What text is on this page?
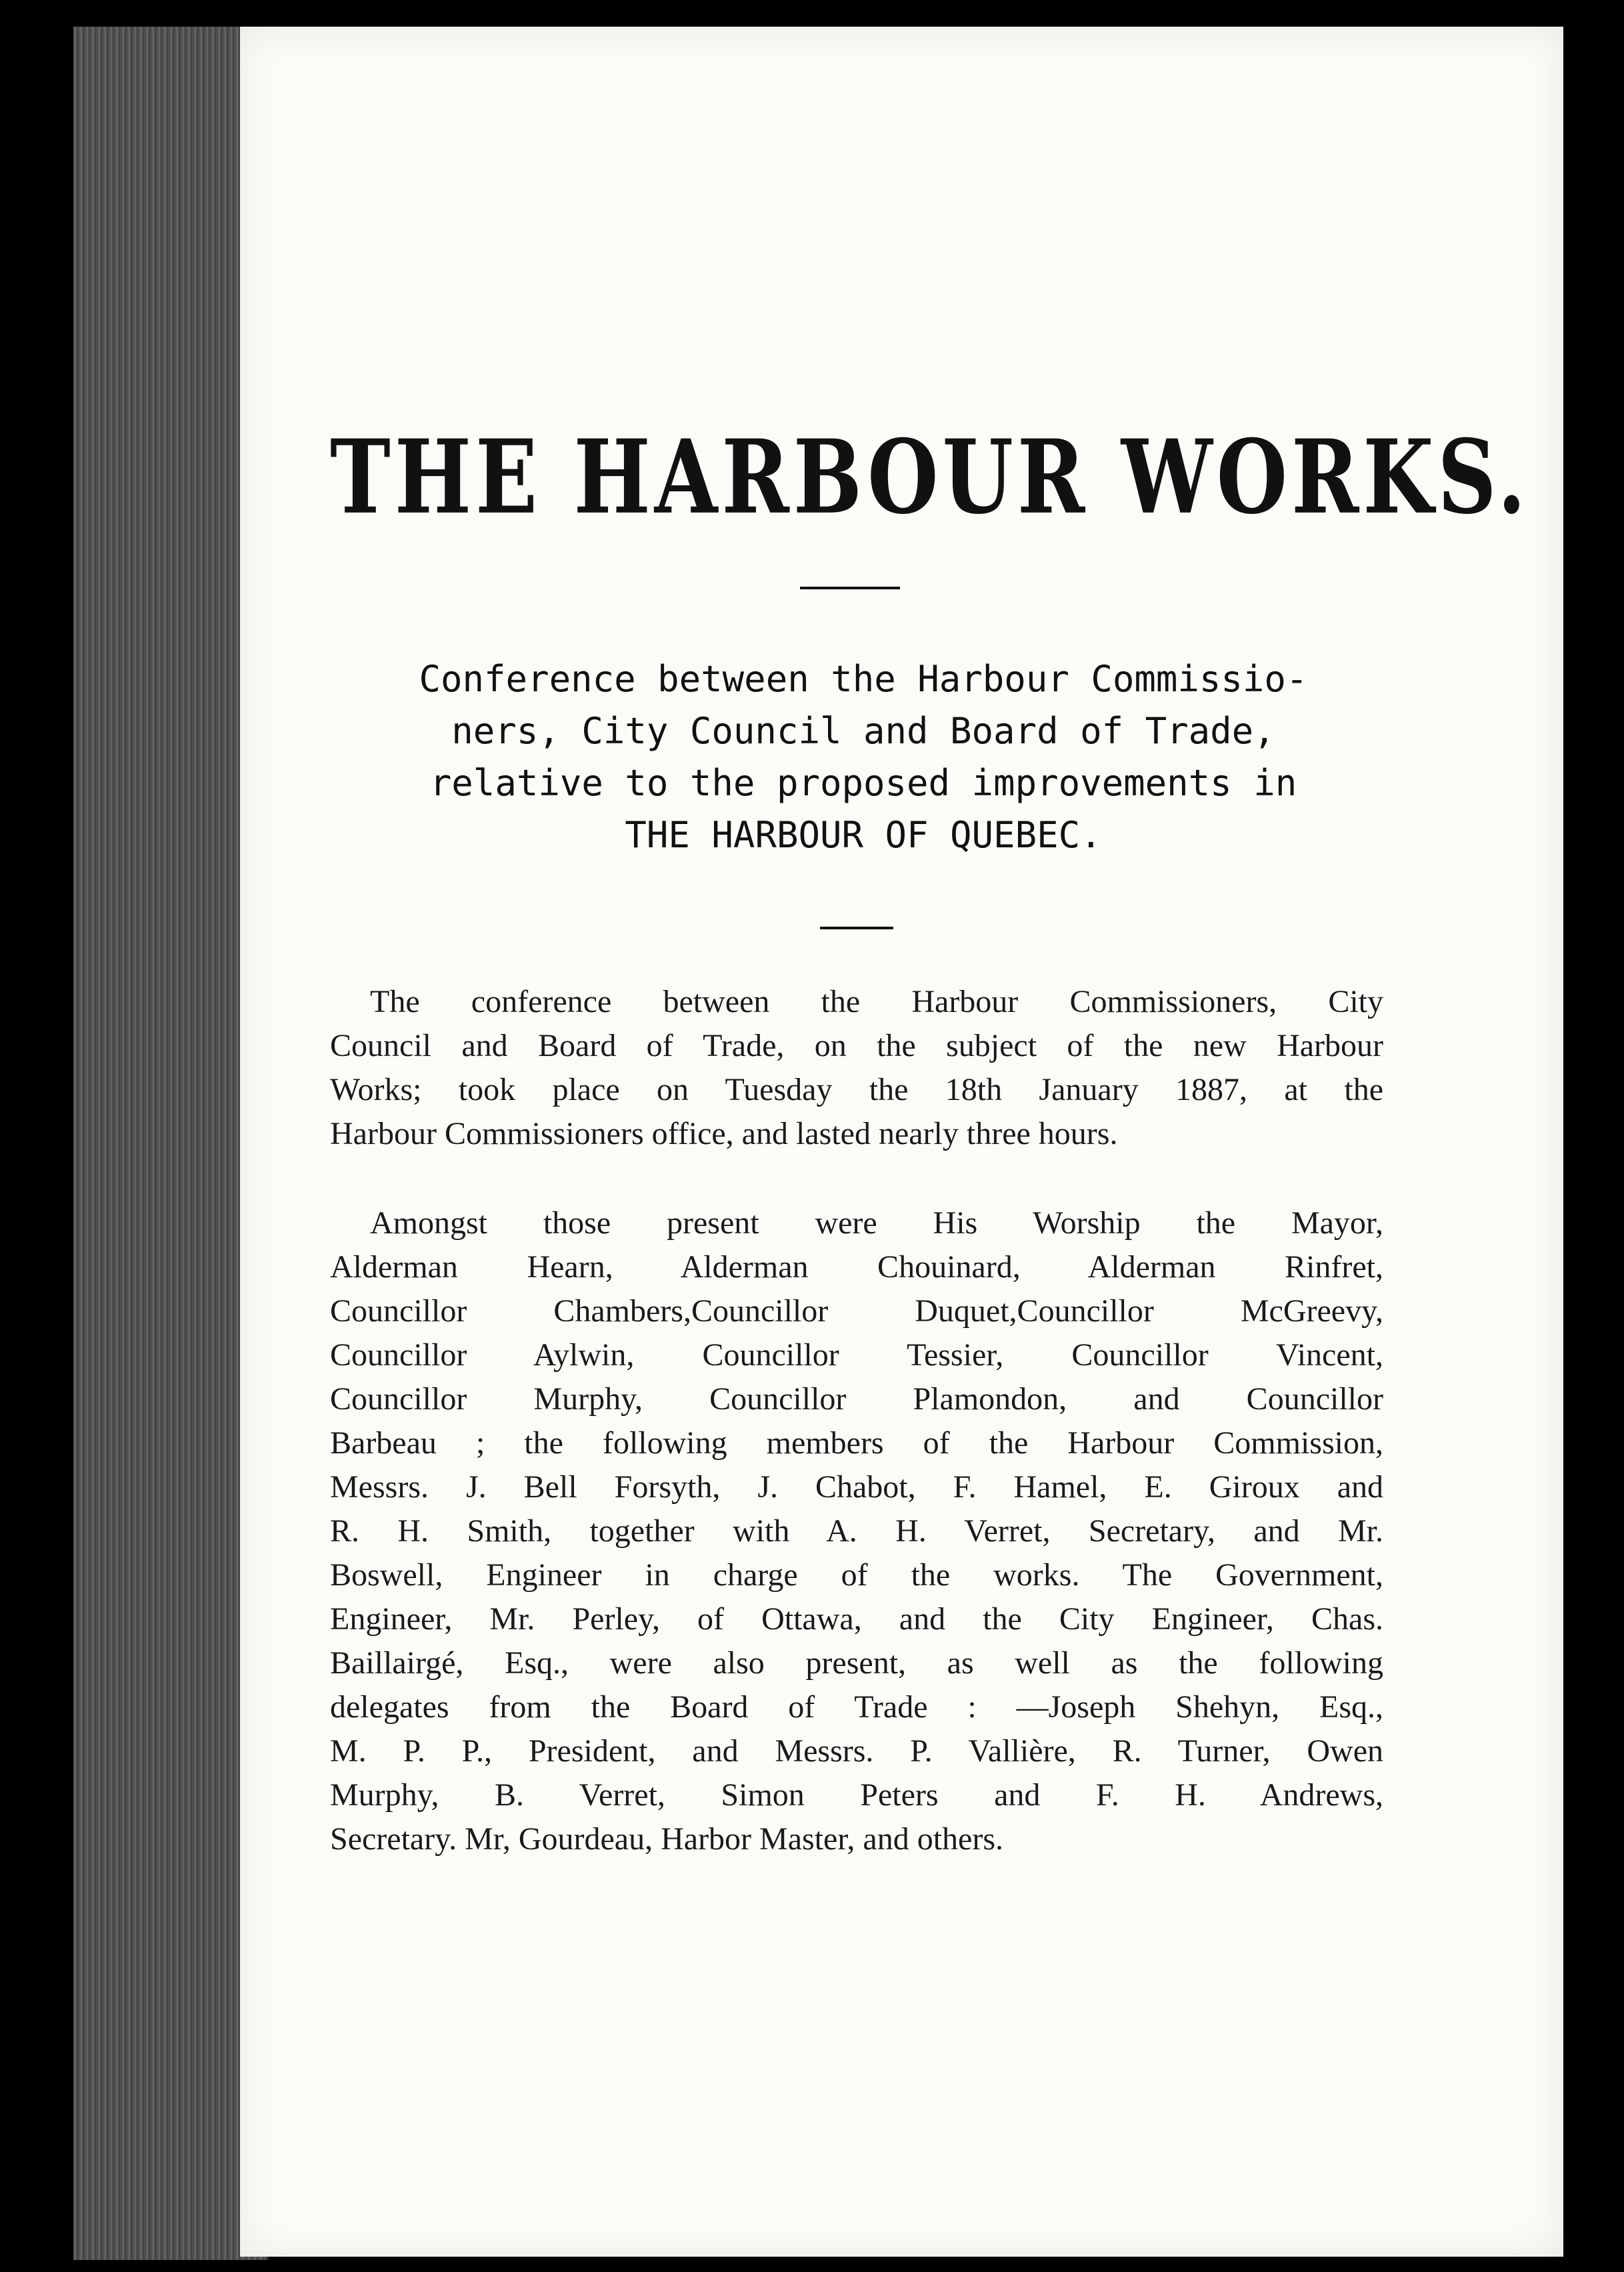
THE HARBOUR WORKS.
Conference between the Harbour Commissio-
ners, City Council and Board of Trade,
relative to the proposed improvements in
THE HARBOUR OF QUEBEC.
The conference between the Harbour Commissioners, City
Council and Board of Trade, on the subject of the new Harbour
Works; took place on Tuesday the 18th January 1887, at the
Harbour Commissioners office, and lasted nearly three hours.
Amongst those present were His Worship the Mayor,
Alderman Hearn, Alderman Chouinard, Alderman Rinfret,
Councillor Chambers,Councillor Duquet,Councillor McGreevy,
Councillor Aylwin, Councillor Tessier, Councillor Vincent,
Councillor Murphy, Councillor Plamondon, and Councillor
Barbeau ; the following members of the Harbour Commission,
Messrs. J. Bell Forsyth, J. Chabot, F. Hamel, E. Giroux and
R. H. Smith, together with A. H. Verret, Secretary, and Mr.
Boswell, Engineer in charge of the works. The Government,
Engineer, Mr. Perley, of Ottawa, and the City Engineer, Chas.
Baillairgé, Esq., were also present, as well as the following
delegates from the Board of Trade : —Joseph Shehyn, Esq.,
M. P. P., President, and Messrs. P. Vallière, R. Turner, Owen
Murphy, B. Verret, Simon Peters and F. H. Andrews,
Secretary. Mr, Gourdeau, Harbor Master, and others.
